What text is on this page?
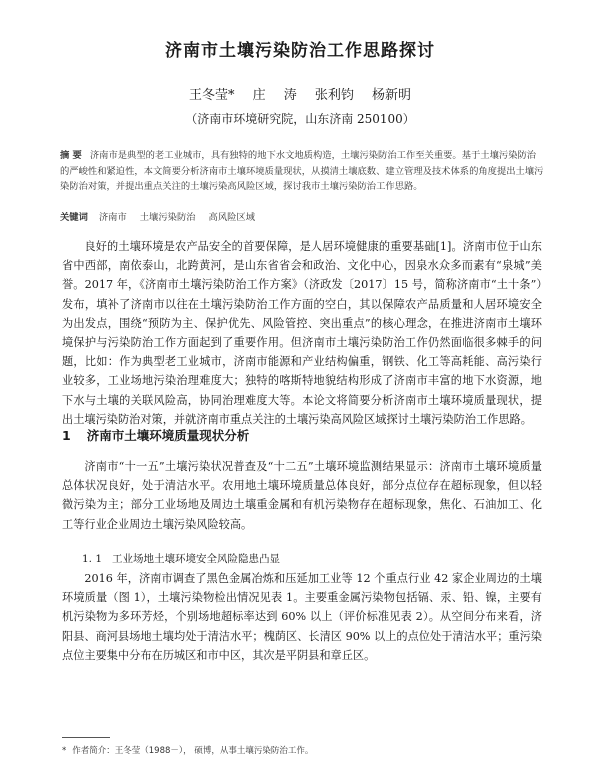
济南市土壤污染防治工作思路探讨
王冬莹* 庄 涛 张利钧 杨新明
（济南市环境研究院，山东济南 250100）
摘 要 济南市是典型的老工业城市，具有独特的地下水文地质构造，土壤污染防治工作至关重要。基于土壤污染防治的严峻性和紧迫性，本文简要分析济南市土壤环境质量现状，从摸清土壤底数、建立管理及技术体系的角度提出土壤污染防治对策，并提出重点关注的土壤污染高风险区域，探讨我市土壤污染防治工作思路。
关键词 济南市 土壤污染防治 高风险区域

良好的土壤环境是农产品安全的首要保障，是人居环境健康的重要基础[1]。济南市位于山东省中西部，南依泰山，北跨黄河，是山东省省会和政治、文化中心，因泉水众多而素有“泉城”美誉。2017 年，《济南市土壤污染防治工作方案》（济政发〔2017〕15 号，简称济南市“土十条”）发布，填补了济南市以往在土壤污染防治工作方面的空白，其以保障农产品质量和人居环境安全为出发点，围绕“预防为主、保护优先、风险管控、突出重点”的核心理念，在推进济南市土壤环境保护与污染防治工作方面起到了重要作用。但济南市土壤污染防治工作仍然面临很多棘手的问题，比如：作为典型老工业城市，济南市能源和产业结构偏重，钢铁、化工等高耗能、高污染行业较多，工业场地污染治理难度大；独特的喀斯特地貌结构形成了济南市丰富的地下水资源，地下水与土壤的关联风险高，协同治理难度大等。本论文将简要分析济南市土壤环境质量现状，提出土壤污染防治对策，并就济南市重点关注的土壤污染高风险区域探讨土壤污染防治工作思路。

1 济南市土壤环境质量现状分析

济南市“十一五”土壤污染状况普查及“十二五”土壤环境监测结果显示：济南市土壤环境质量总体状况良好，处于清洁水平。农用地土壤环境质量总体良好，部分点位存在超标现象，但以轻微污染为主；部分工业场地及周边土壤重金属和有机污染物存在超标现象，焦化、石油加工、化工等行业企业周边土壤污染风险较高。

1. 1 工业场地土壤环境安全风险隐患凸显

2016 年，济南市调查了黑色金属冶炼和压延加工业等 12 个重点行业 42 家企业周边的土壤环境质量（图 1），土壤污染物检出情况见表 1。主要重金属污染物包括镉、汞、铅、镍，主要有机污染物为多环芳烃，个别场地超标率达到 60% 以上（评价标准见表 2）。从空间分布来看，济阳县、商河县场地土壤均处于清洁水平；槐荫区、长清区 90% 以上的点位处于清洁水平；重污染点位主要集中分布在历城区和市中区，其次是平阴县和章丘区。

* 作者简介：王冬莹（1988－）， 硕博，从事土壤污染防治工作。
